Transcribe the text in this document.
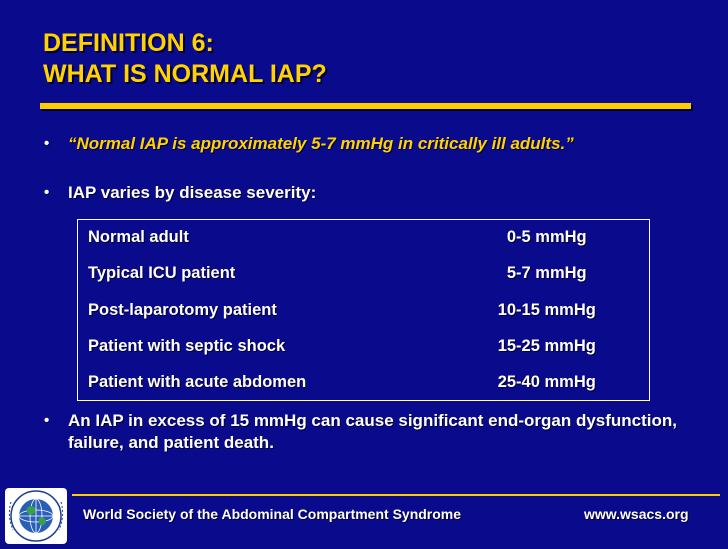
DEFINITION 6:
WHAT IS NORMAL IAP?
• “Normal IAP is approximately 5-7 mmHg in critically ill adults.”
• IAP varies by disease severity:
Normal adult	0-5 mmHg
Typical ICU patient	5-7 mmHg
Post-laparotomy patient	10-15 mmHg
Patient with septic shock	15-25 mmHg
Patient with acute abdomen	25-40 mmHg
• An IAP in excess of 15 mmHg can cause significant end-organ dysfunction, failure, and patient death.
World Society of the Abdominal Compartment Syndrome	www.wsacs.org
